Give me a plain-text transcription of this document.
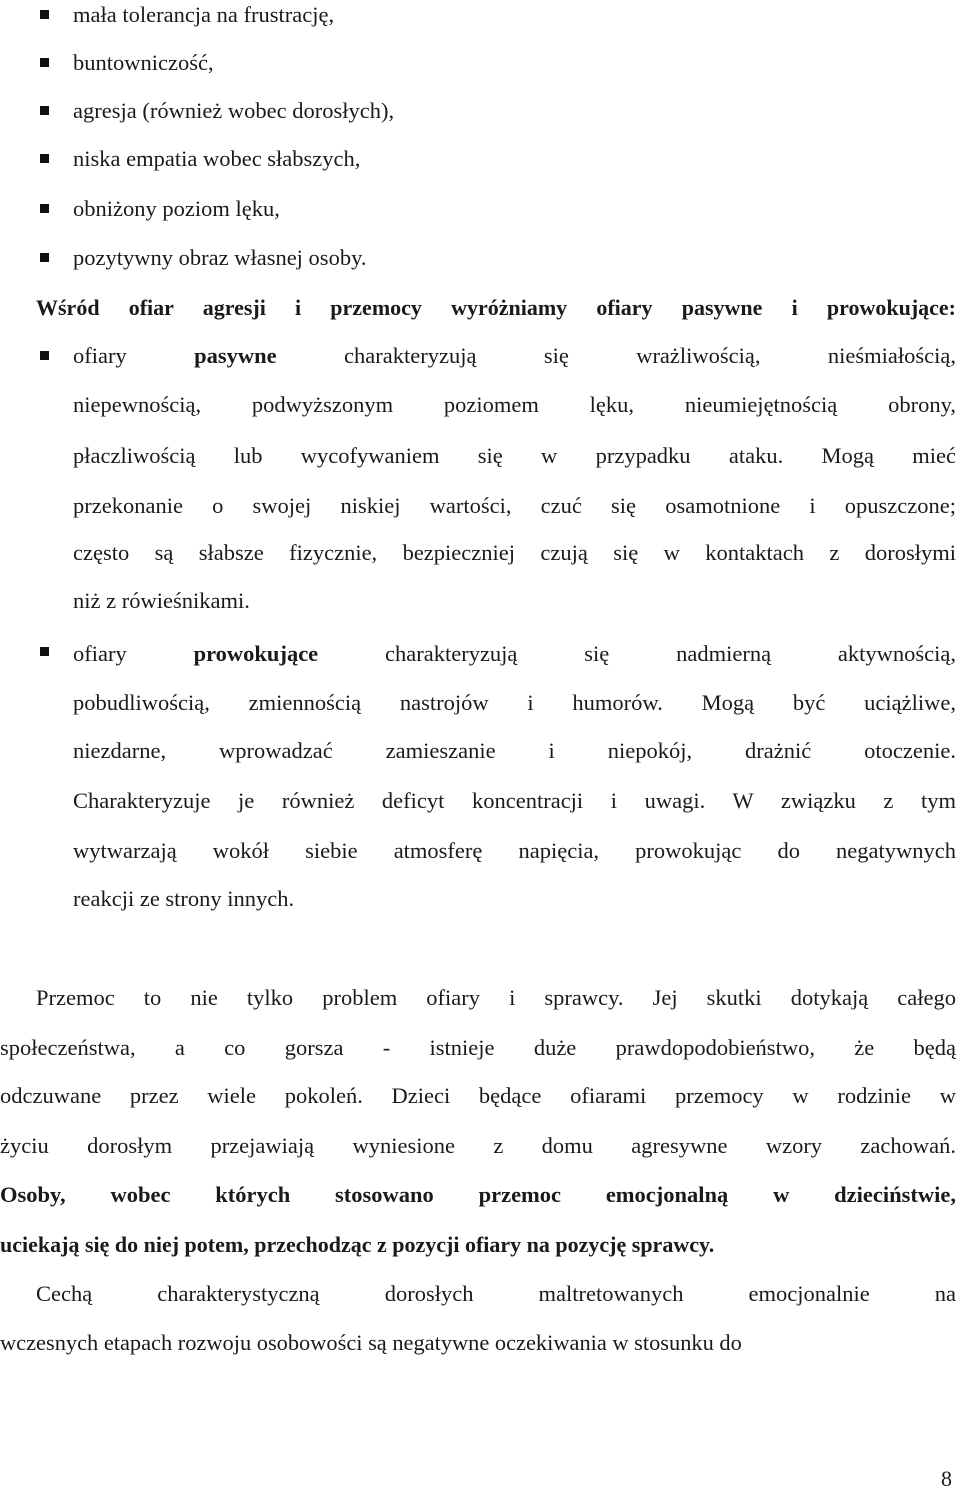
mała tolerancja na frustrację,
buntowniczość,
agresja (również wobec dorosłych),
niska empatia wobec słabszych,
obniżony poziom lęku,
pozytywny obraz własnej osoby.
Wśród ofiar agresji i przemocy wyróżniamy ofiary pasywne i prowokujące:
ofiary pasywne charakteryzują się wrażliwością, nieśmiałością,
niepewnością, podwyższonym poziomem lęku, nieumiejętnością obrony,
płaczliwością lub wycofywaniem się w przypadku ataku. Mogą mieć
przekonanie o swojej niskiej wartości, czuć się osamotnione i opuszczone;
często są słabsze fizycznie, bezpieczniej czują się w kontaktach z dorosłymi
niż z rówieśnikami.
ofiary prowokujące charakteryzują się nadmierną aktywnością,
pobudliwością, zmiennością nastrojów i humorów. Mogą być uciążliwe,
niezdarne, wprowadzać zamieszanie i niepokój, drażnić otoczenie.
Charakteryzuje je również deficyt koncentracji i uwagi. W związku z tym
wytwarzają wokół siebie atmosferę napięcia, prowokując do negatywnych
reakcji ze strony innych.
Przemoc to nie tylko problem ofiary i sprawcy. Jej skutki dotykają całego
społeczeństwa, a co gorsza - istnieje duże prawdopodobieństwo, że będą
odczuwane przez wiele pokoleń. Dzieci będące ofiarami przemocy w rodzinie w
życiu dorosłym przejawiają wyniesione z domu agresywne wzory zachowań.
Osoby, wobec których stosowano przemoc emocjonalną w dzieciństwie,
uciekają się do niej potem, przechodząc z pozycji ofiary na pozycję sprawcy.
Cechą charakterystyczną dorosłych maltretowanych emocjonalnie na
wczesnych etapach rozwoju osobowości są negatywne oczekiwania w stosunku do
8
